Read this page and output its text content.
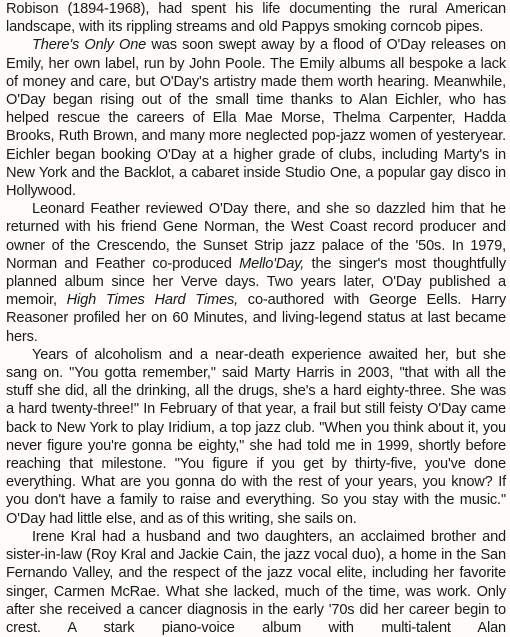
Robison (1894-1968), had spent his life documenting the rural American landscape, with its rippling streams and old Pappys smoking corncob pipes.

There's Only One was soon swept away by a flood of O'Day releases on Emily, her own label, run by John Poole. The Emily albums all bespoke a lack of money and care, but O'Day's artistry made them worth hearing. Meanwhile, O'Day began rising out of the small time thanks to Alan Eichler, who has helped rescue the careers of Ella Mae Morse, Thelma Carpenter, Hadda Brooks, Ruth Brown, and many more neglected pop-jazz women of yesteryear. Eichler began booking O'Day at a higher grade of clubs, including Marty's in New York and the Backlot, a cabaret inside Studio One, a popular gay disco in Hollywood.

Leonard Feather reviewed O'Day there, and she so dazzled him that he returned with his friend Gene Norman, the West Coast record producer and owner of the Crescendo, the Sunset Strip jazz palace of the '50s. In 1979, Norman and Feather co-produced Mello'Day, the singer's most thoughtfully planned album since her Verve days. Two years later, O'Day published a memoir, High Times Hard Times, co-authored with George Eells. Harry Reasoner profiled her on 60 Minutes, and living-legend status at last became hers.

Years of alcoholism and a near-death experience awaited her, but she sang on. "You gotta remember," said Marty Harris in 2003, "that with all the stuff she did, all the drinking, all the drugs, she's a hard eighty-three. She was a hard twenty-three!" In February of that year, a frail but still feisty O'Day came back to New York to play Iridium, a top jazz club. "When you think about it, you never figure you're gonna be eighty," she had told me in 1999, shortly before reaching that milestone. "You figure if you get by thirty-five, you've done everything. What are you gonna do with the rest of your years, you know? If you don't have a family to raise and everything. So you stay with the music." O'Day had little else, and as of this writing, she sails on.

Irene Kral had a husband and two daughters, an acclaimed brother and sister-in-law (Roy Kral and Jackie Cain, the jazz vocal duo), a home in the San Fernando Valley, and the respect of the jazz vocal elite, including her favorite singer, Carmen McRae. What she lacked, much of the time, was work. Only after she received a cancer diagnosis in the early '70s did her career begin to crest. A stark piano-voice album with multi-talent Alan
